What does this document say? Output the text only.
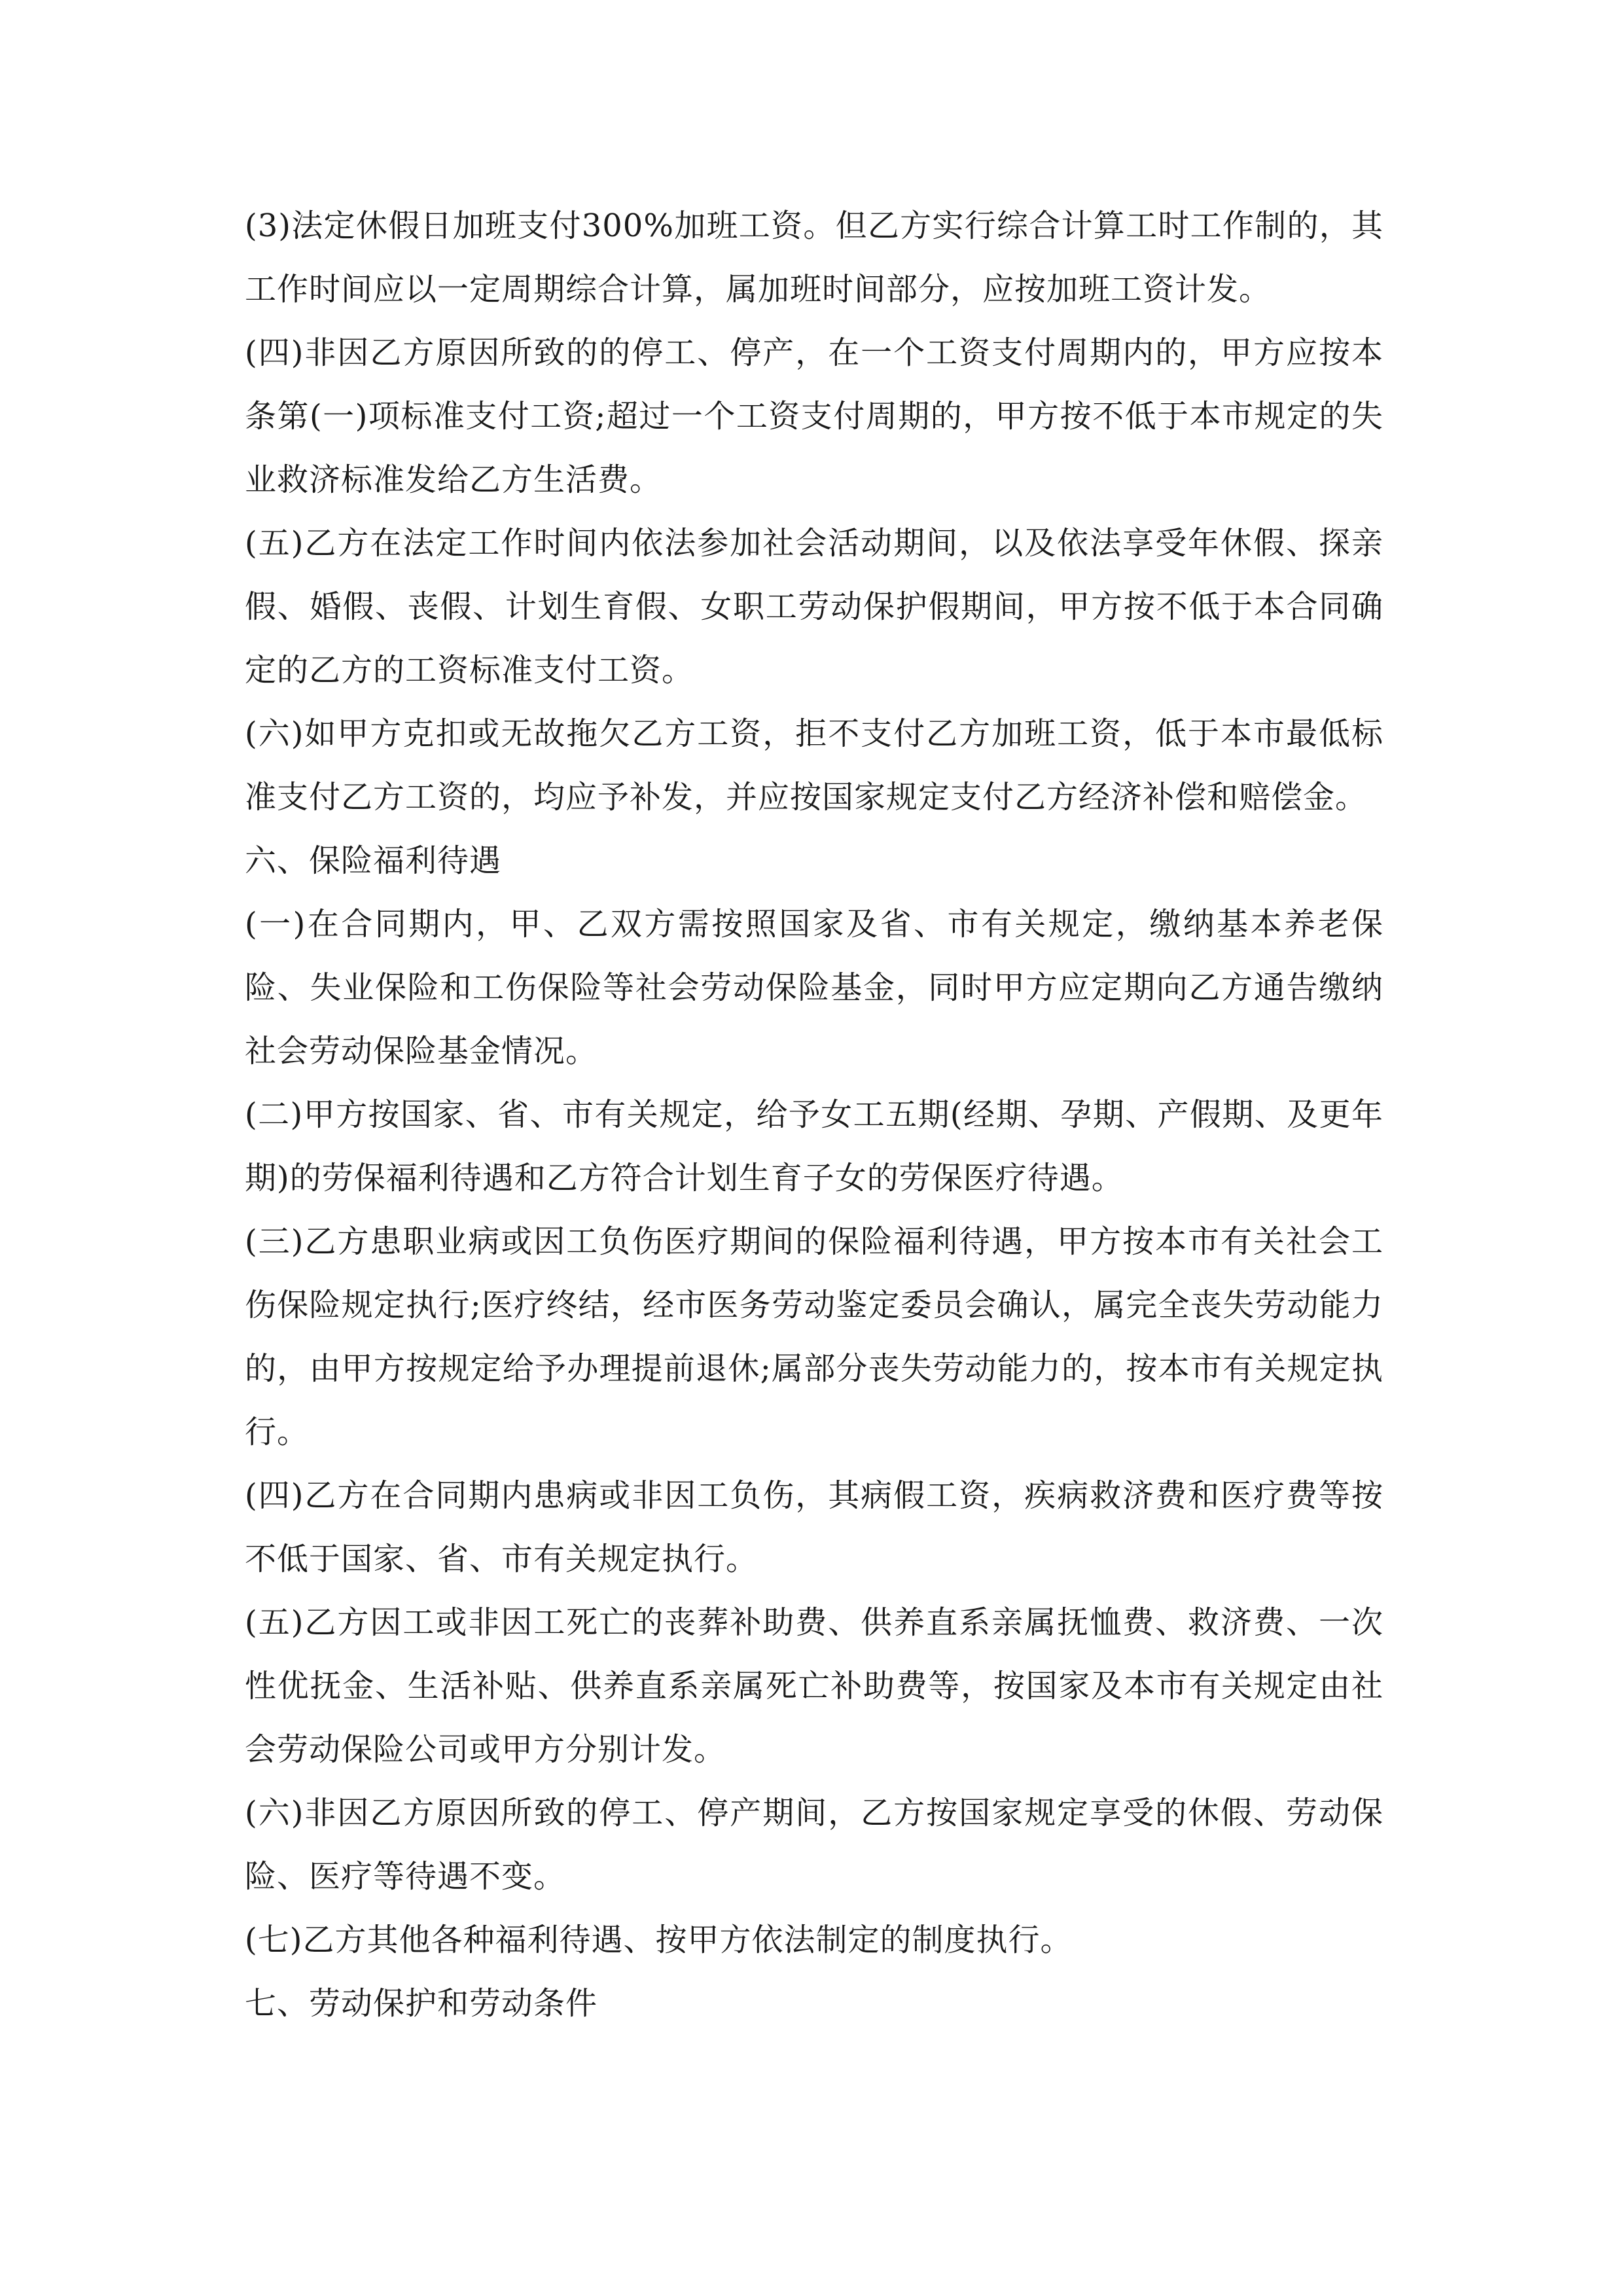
(3)法定休假日加班支付300%加班工资。但乙方实行综合计算工时工作制的，其工作时间应以一定周期综合计算，属加班时间部分，应按加班工资计发。

(四)非因乙方原因所致的的停工、停产，在一个工资支付周期内的，甲方应按本条第(一)项标准支付工资;超过一个工资支付周期的，甲方按不低于本市规定的失业救济标准发给乙方生活费。

(五)乙方在法定工作时间内依法参加社会活动期间，以及依法享受年休假、探亲假、婚假、丧假、计划生育假、女职工劳动保护假期间，甲方按不低于本合同确定的乙方的工资标准支付工资。

(六)如甲方克扣或无故拖欠乙方工资，拒不支付乙方加班工资，低于本市最低标准支付乙方工资的，均应予补发，并应按国家规定支付乙方经济补偿和赔偿金。

六、保险福利待遇

(一)在合同期内，甲、乙双方需按照国家及省、市有关规定，缴纳基本养老保险、失业保险和工伤保险等社会劳动保险基金，同时甲方应定期向乙方通告缴纳社会劳动保险基金情况。

(二)甲方按国家、省、市有关规定，给予女工五期(经期、孕期、产假期、及更年期)的劳保福利待遇和乙方符合计划生育子女的劳保医疗待遇。

(三)乙方患职业病或因工负伤医疗期间的保险福利待遇，甲方按本市有关社会工伤保险规定执行;医疗终结，经市医务劳动鉴定委员会确认，属完全丧失劳动能力的，由甲方按规定给予办理提前退休;属部分丧失劳动能力的，按本市有关规定执行。

(四)乙方在合同期内患病或非因工负伤，其病假工资，疾病救济费和医疗费等按不低于国家、省、市有关规定执行。

(五)乙方因工或非因工死亡的丧葬补助费、供养直系亲属抚恤费、救济费、一次性优抚金、生活补贴、供养直系亲属死亡补助费等，按国家及本市有关规定由社会劳动保险公司或甲方分别计发。

(六)非因乙方原因所致的停工、停产期间，乙方按国家规定享受的休假、劳动保险、医疗等待遇不变。

(七)乙方其他各种福利待遇、按甲方依法制定的制度执行。

七、劳动保护和劳动条件
